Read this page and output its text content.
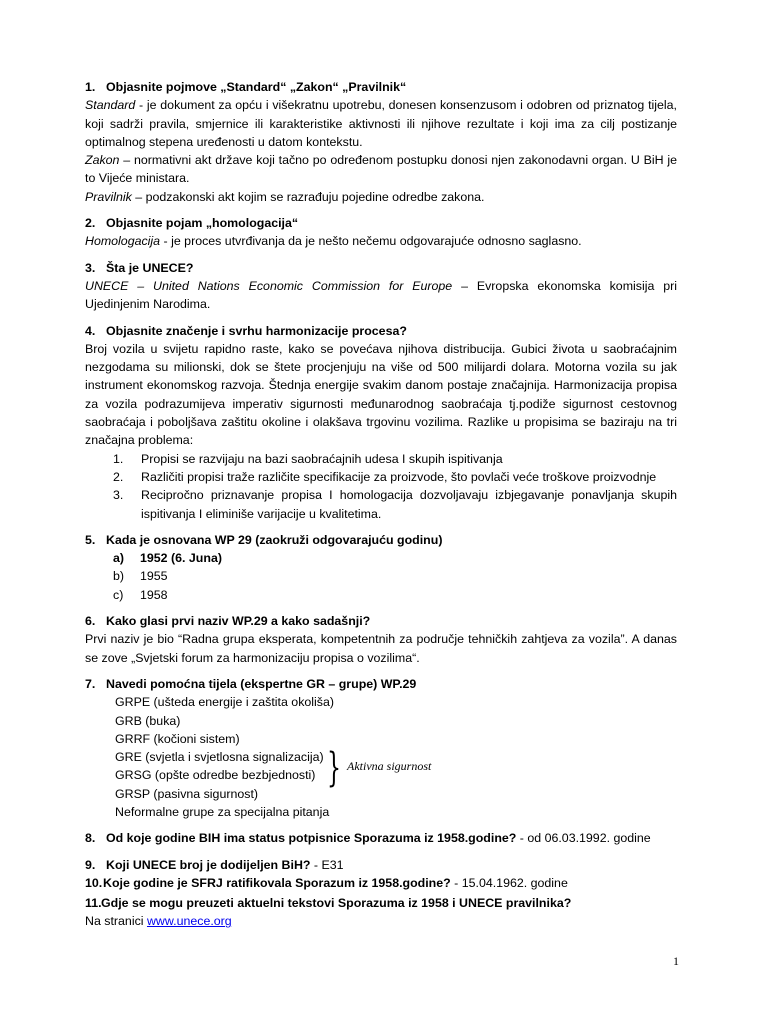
1. Objasnite pojmove „Standard“ „Zakon“ „Pravilnik“

Standard - je dokument za opću i višekratnu upotrebu, donesen konsenzusom i odobren od priznatog tijela, koji sadrži pravila, smjernice ili karakteristike aktivnosti ili njihove rezultate i koji ima za cilj postizanje optimalnog stepena uređenosti u datom kontekstu.

Zakon – normativni akt države koji tačno po određenom postupku donosi njen zakonodavni organ. U BiH je to Vijeće ministara.

Pravilnik – podzakonski akt kojim se razrađuju pojedine odredbe zakona.

2. Objasnite pojam „homologacija“

Homologacija - je proces utvrđivanja da je nešto nečemu odgovarajuće odnosno saglasno.

3. Šta je UNECE?

UNECE – United Nations Economic Commission for Europe – Evropska ekonomska komisija pri Ujedinjenim Narodima.

4. Objasnite značenje i svrhu harmonizacije procesa?

Broj vozila u svijetu rapidno raste, kako se povećava njihova distribucija. Gubici života u saobraćajnim nezgodama su milionski, dok se štete procjenjuju na više od 500 milijardi dolara. Motorna vozila su jak instrument ekonomskog razvoja. Štednja energije svakim danom postaje značajnija. Harmonizacija propisa za vozila podrazumijeva imperativ sigurnosti međunarodnog saobraćaja tj.podiže sigurnost cestovnog saobraćaja i poboljšava zaštitu okoline i olakšava trgovinu vozilima. Razlike u propisima se baziraju na tri značajna problema:

1. Propisi se razvijaju na bazi saobraćajnih udesa I skupih ispitivanja
2. Različiti propisi traže različite specifikacije za proizvode, što povlači veće troškove proizvodnje
3. Recipročno priznavanje propisa I homologacija dozvoljavaju izbjegavanje ponavljanja skupih ispitivanja I eliminiše varijacije u kvalitetima.

5. Kada je osnovana WP 29 (zaokruži odgovarajuću godinu)

a) 1952 (6. Juna)
b) 1955
c) 1958

6. Kako glasi prvi naziv WP.29 a kako sadašnji?

Prvi naziv je bio “Radna grupa eksperata, kompetentnih za područje tehničkih zahtjeva za vozila”. A danas se zove „Svjetski forum za harmonizaciju propisa o vozilima“.

7. Navedi pomoćna tijela (ekspertne GR – grupe) WP.29

GRPE (ušteda energije i zaštita okoliša)
GRB (buka)
GRRF (kočioni sistem)
GRE (svjetla i svjetlosna signalizacija)
GRSG (opšte odredbe bezbjednosti)
GRSP (pasivna sigurnost)
Neformalne grupe za specijalna pitanja
} Aktivna sigurnost

8. Od koje godine BIH ima status potpisnice Sporazuma iz 1958.godine? - od 06.03.1992. godine

9. Koji UNECE broj je dodijeljen BiH? - E31

10.Koje godine je SFRJ ratifikovala Sporazum iz 1958.godine? - 15.04.1962. godine

11.Gdje se mogu preuzeti aktuelni tekstovi Sporazuma iz 1958 i UNECE pravilnika?

Na stranici www.unece.org

1
